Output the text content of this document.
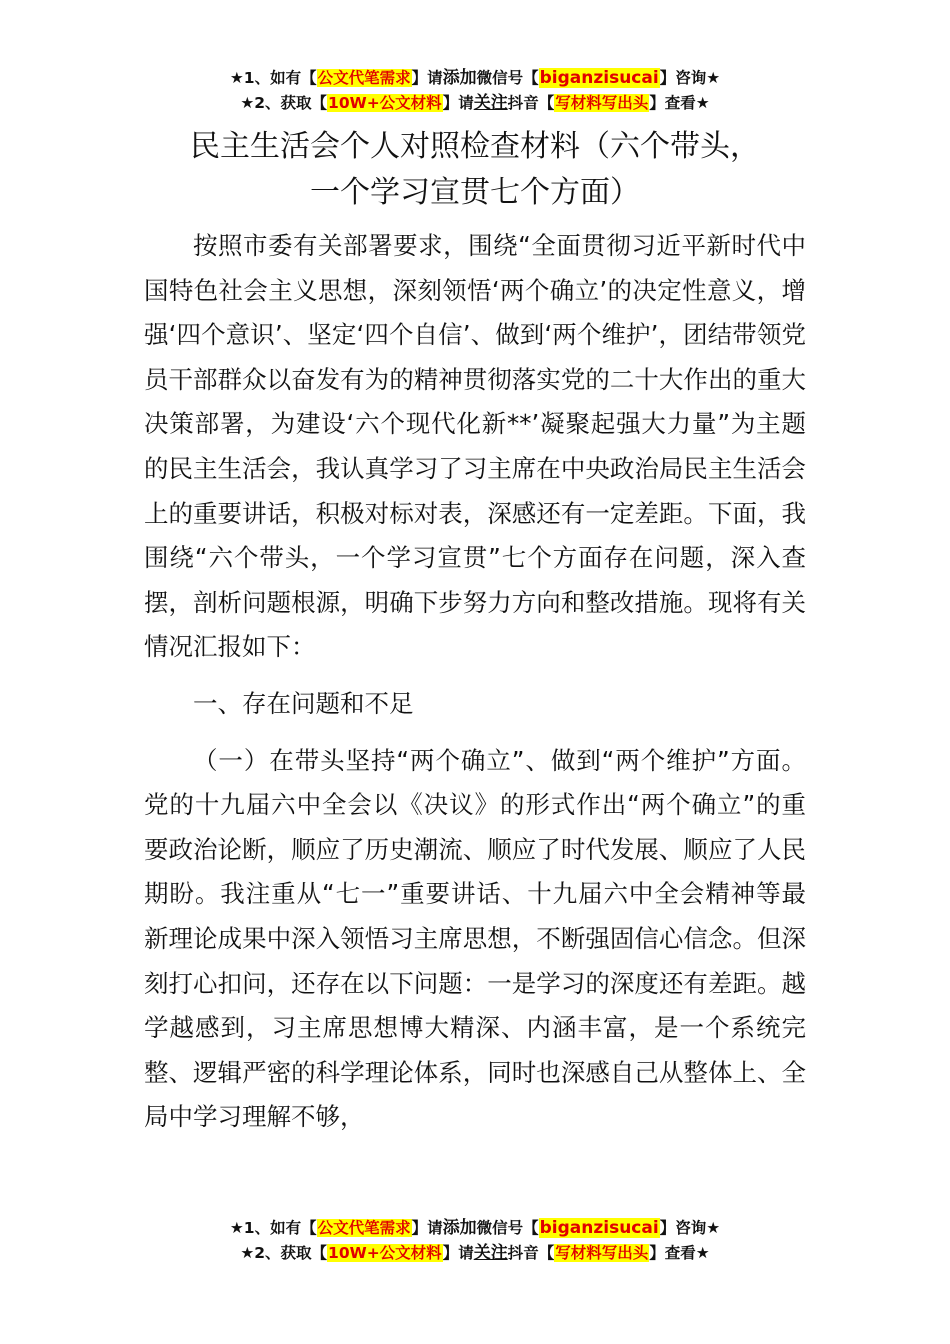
★1、如有【公文代笔需求】请添加微信号【biganzisucai】咨询★
★2、获取【10W+公文材料】请关注抖音【写材料写出头】查看★
民主生活会个人对照检查材料（六个带头，
一个学习宣贯七个方面）

按照市委有关部署要求，围绕“全面贯彻习近平新时代中国特色社会主义思想，深刻领悟‘两个确立’的决定性意义，增强‘四个意识’、坚定‘四个自信’、做到‘两个维护’，团结带领党员干部群众以奋发有为的精神贯彻落实党的二十大作出的重大决策部署，为建设‘六个现代化新**’凝聚起强大力量”为主题的民主生活会，我认真学习了习主席在中央政治局民主生活会上的重要讲话，积极对标对表，深感还有一定差距。下面，我围绕“六个带头，一个学习宣贯”七个方面存在问题，深入查摆，剖析问题根源，明确下步努力方向和整改措施。现将有关情况汇报如下：

一、存在问题和不足

（一）在带头坚持“两个确立”、做到“两个维护”方面。党的十九届六中全会以《决议》的形式作出“两个确立”的重要政治论断，顺应了历史潮流、顺应了时代发展、顺应了人民期盼。我注重从“七一”重要讲话、十九届六中全会精神等最新理论成果中深入领悟习主席思想，不断强固信心信念。但深刻打心扣问，还存在以下问题：一是学习的深度还有差距。越学越感到，习主席思想博大精深、内涵丰富，是一个系统完整、逻辑严密的科学理论体系，同时也深感自己从整体上、全局中学习理解不够，

★1、如有【公文代笔需求】请添加微信号【biganzisucai】咨询★
★2、获取【10W+公文材料】请关注抖音【写材料写出头】查看★
